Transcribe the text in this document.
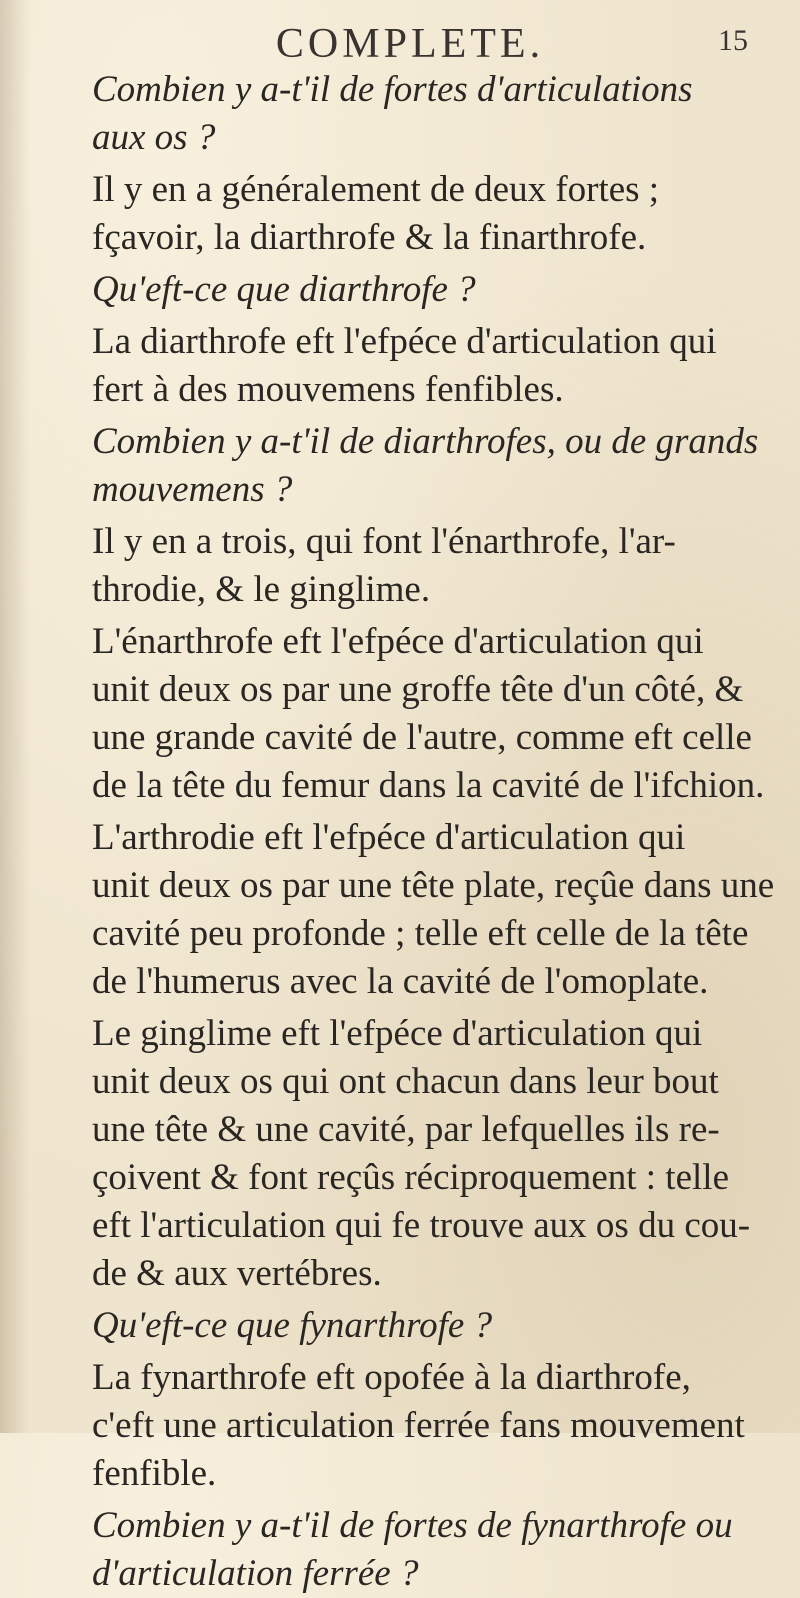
COMPLETE.	15
Combien y a-t'il de fortes d'articulations
aux os ?
Il y en a généralement de deux fortes ;
fçavoir, la diarthrofe & la finarthrofe.
Qu'eft-ce que diarthrofe ?
La diarthrofe eft l'efpéce d'articulation qui
fert à des mouvemens fenfibles.
Combien y a-t'il de diarthrofes, ou de grands
mouvemens ?
Il y en a trois, qui font l'énarthrofe, l'ar-
throdie, & le ginglime.
L'énarthrofe eft l'efpéce d'articulation qui
unit deux os par une groffe tête d'un côté, &
une grande cavité de l'autre, comme eft celle
de la tête du femur dans la cavité de l'ifchion.
L'arthrodie eft l'efpéce d'articulation qui
unit deux os par une tête plate, reçûe dans une
cavité peu profonde ; telle eft celle de la tête
de l'humerus avec la cavité de l'omoplate.
Le ginglime eft l'efpéce d'articulation qui
unit deux os qui ont chacun dans leur bout
une tête & une cavité, par lefquelles ils re-
çoivent & font reçûs réciproquement : telle
eft l'articulation qui fe trouve aux os du cou-
de & aux vertébres.
Qu'eft-ce que fynarthrofe ?
La fynarthrofe eft opofée à la diarthrofe,
c'eft une articulation ferrée fans mouvement
fenfible.
Combien y a-t'il de fortes de fynarthrofe ou
d'articulation ferrée ?
